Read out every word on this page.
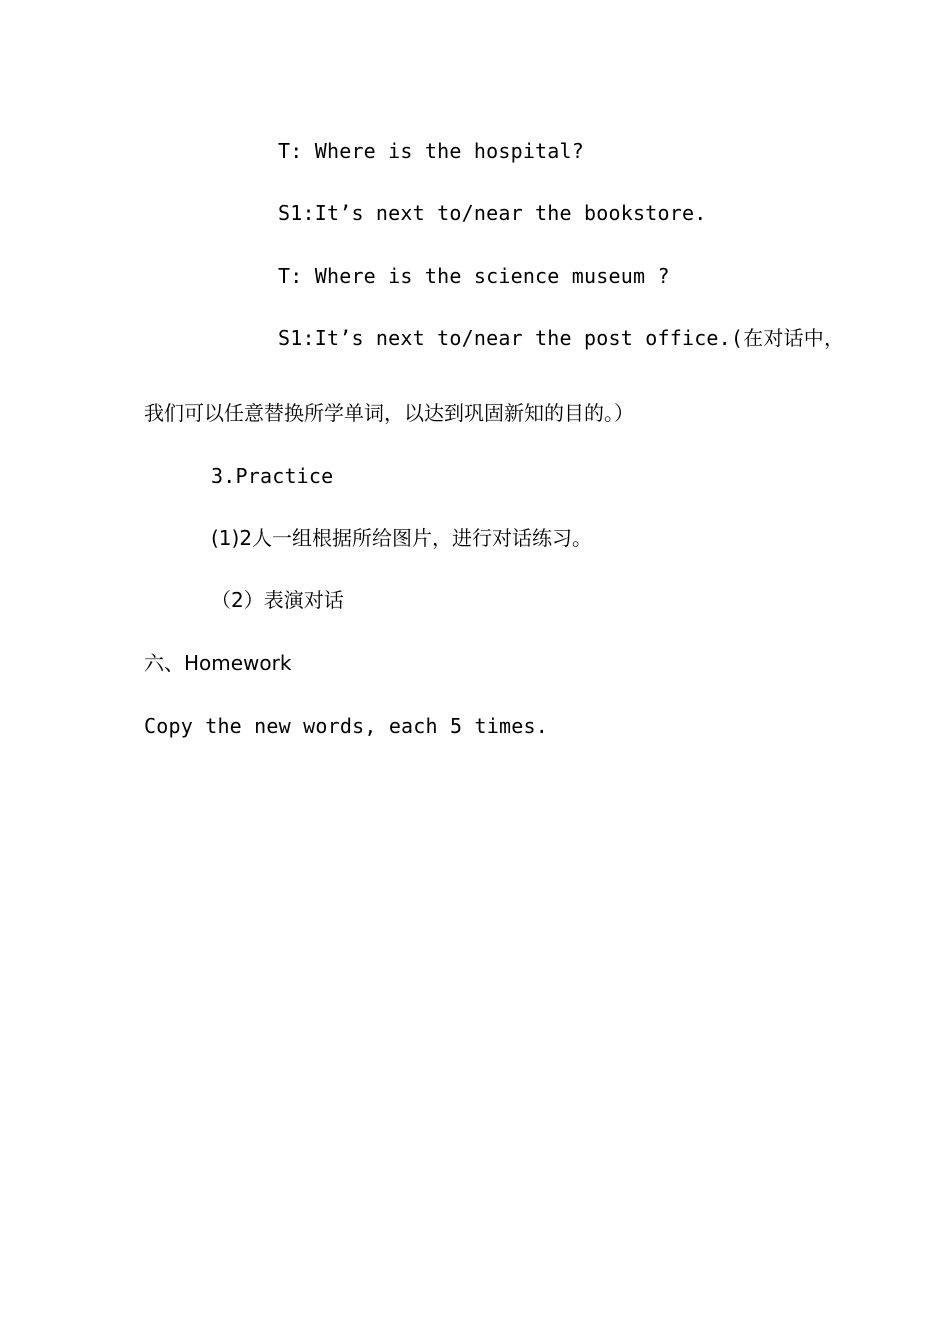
T: Where is the hospital?

S1:It’s next to/near the bookstore.

T: Where is the science museum ?

S1:It’s next to/near the post office.(在对话中，

我们可以任意替换所学单词，以达到巩固新知的目的。）

3.Practice

(1)2人一组根据所给图片，进行对话练习。

（2）表演对话

六、Homework

Copy the new words, each 5 times.
